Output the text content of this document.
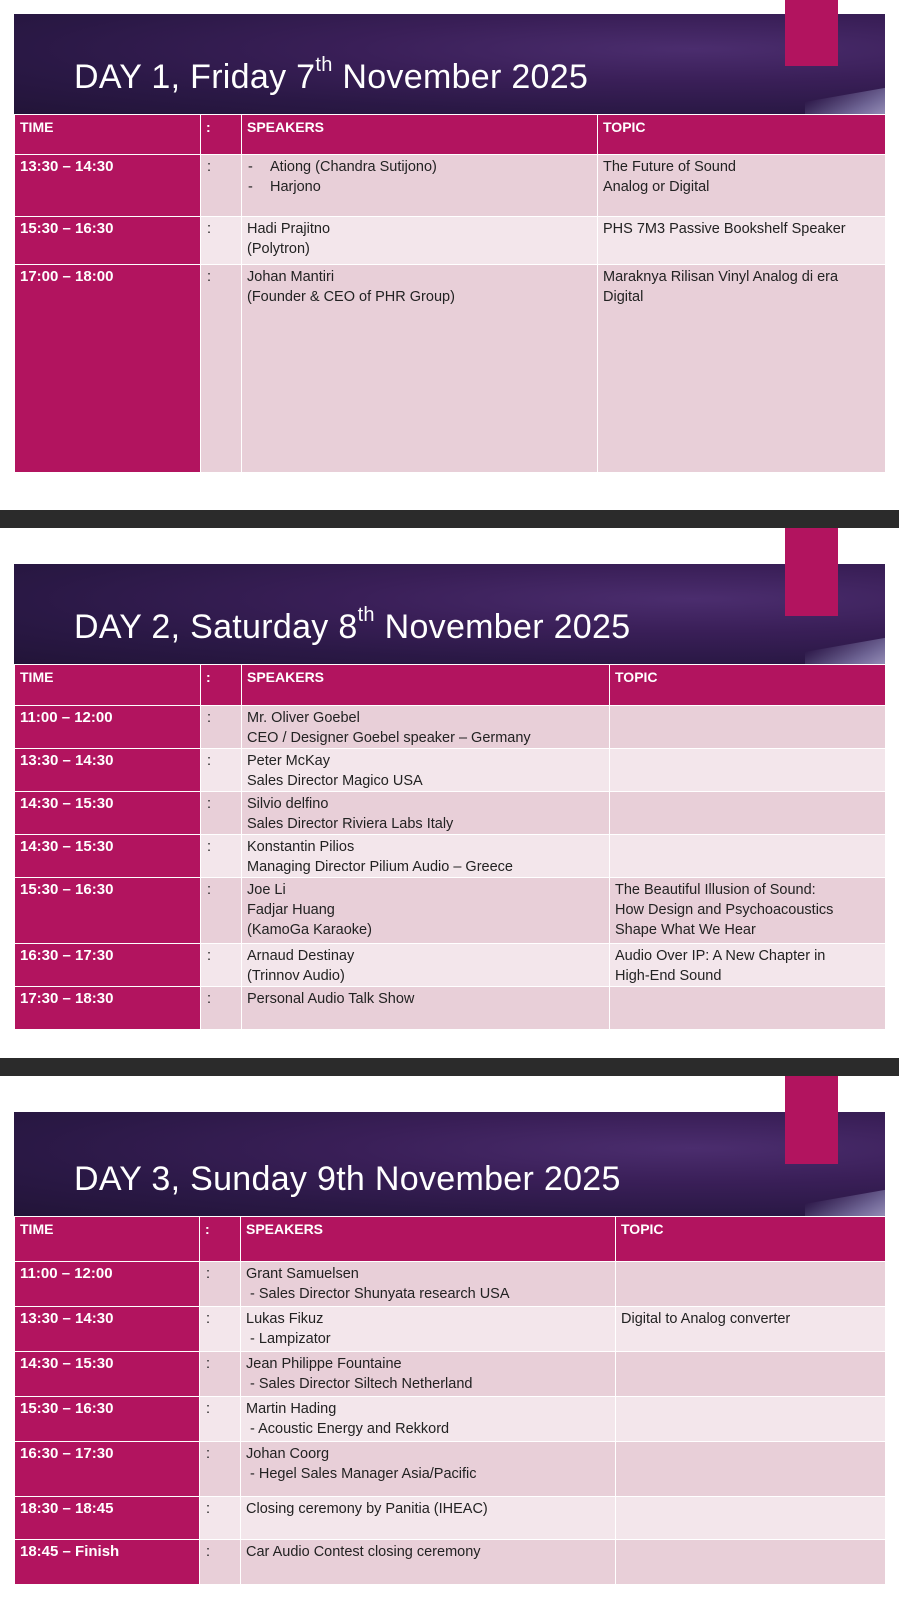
DAY 1, Friday 7th November 2025
TIME	:	SPEAKERS	TOPIC
13:30 – 14:30	:	- Ationg (Chandra Sutijono)
- Harjono	The Future of Sound
Analog or Digital

15:30 – 16:30	:	Hadi Prajitno
(Polytron)	PHS 7M3 Passive Bookshelf Speaker

17:00 – 18:00	:	Johan Mantiri
(Founder & CEO of PHR Group)	Maraknya Rilisan Vinyl Analog di era
Digital
DAY 2, Saturday 8th November 2025
TIME	:	SPEAKERS	TOPIC
11:00 – 12:00	:	Mr. Oliver Goebel
CEO / Designer Goebel speaker – Germany	

13:30 – 14:30	:	Peter McKay
Sales Director Magico USA	

14:30 – 15:30	:	Silvio delfino
Sales Director Riviera Labs Italy	

14:30 – 15:30	:	Konstantin Pilios
Managing Director Pilium Audio – Greece	

15:30 – 16:30	:	Joe Li
Fadjar Huang
(KamoGa Karaoke)	The Beautiful Illusion of Sound:
How Design and Psychoacoustics
Shape What We Hear

16:30 – 17:30	:	Arnaud Destinay
(Trinnov Audio)	Audio Over IP: A New Chapter in
High-End Sound

17:30 – 18:30	:	Personal Audio Talk Show	

DAY 3, Sunday 9th November 2025
TIME	:	SPEAKERS	TOPIC
11:00 – 12:00	:	Grant Samuelsen
- Sales Director Shunyata research USA	

13:30 – 14:30	:	Lukas Fikuz
- Lampizator	Digital to Analog converter

14:30 – 15:30	:	Jean Philippe Fountaine
- Sales Director Siltech Netherland	

15:30 – 16:30	:	Martin Hading
- Acoustic Energy and Rekkord	

16:30 – 17:30	:	Johan Coorg
- Hegel Sales Manager Asia/Pacific	

18:30 – 18:45	:	Closing ceremony by Panitia (IHEAC)	

18:45 – Finish	:	Car Audio Contest closing ceremony	
